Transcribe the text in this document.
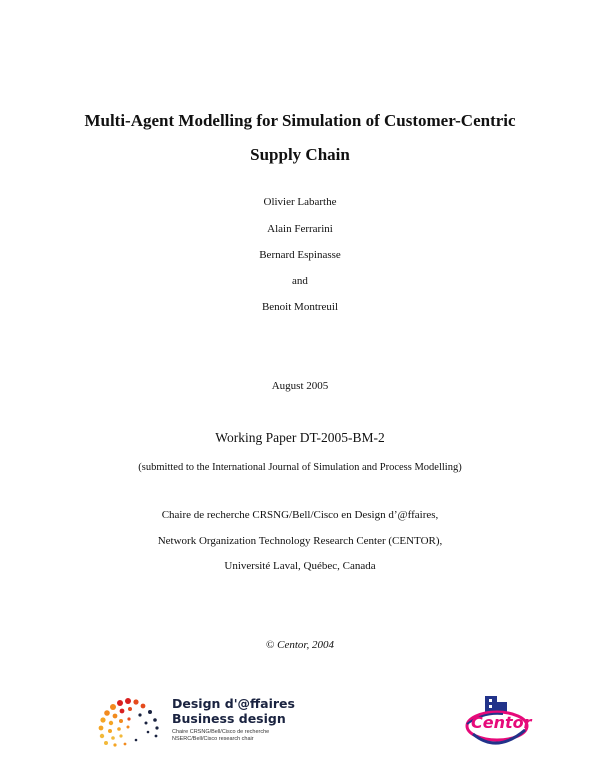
Multi-Agent Modelling for Simulation of Customer-Centric
Supply Chain
Olivier Labarthe
Alain Ferrarini
Bernard Espinasse
and
Benoit Montreuil
August 2005
Working Paper DT-2005-BM-2
(submitted to the International Journal of Simulation and Process Modelling)
Chaire de recherche CRSNG/Bell/Cisco en Design d’@ffaires,
Network Organization Technology Research Center (CENTOR),
Université Laval, Québec, Canada
© Centor, 2004
Design d'@ffaires
Business design
Chaire CRSNG/Bell/Cisco de recherche
NSERC/Bell/Cisco research chair
Centor
